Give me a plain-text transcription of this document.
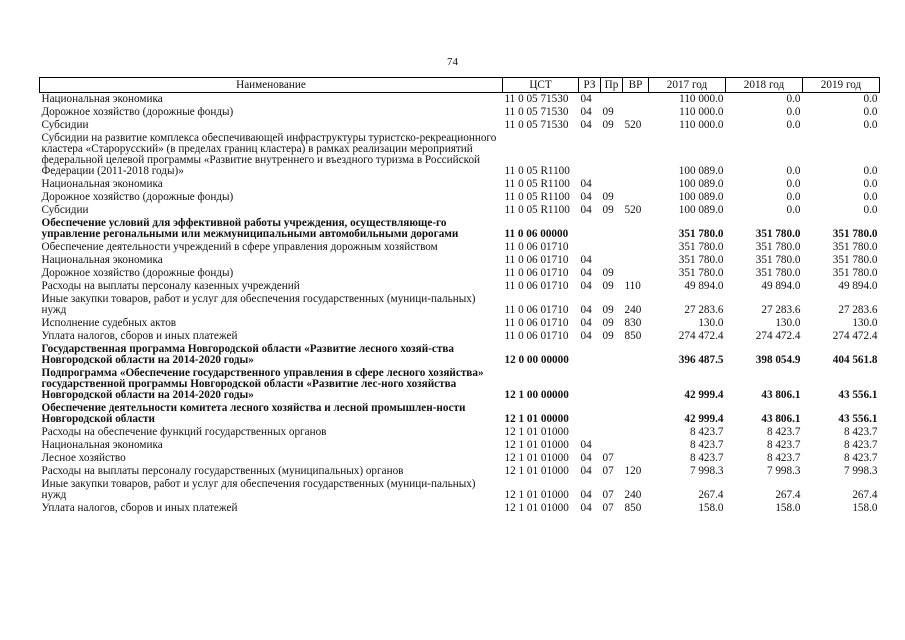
74
Наименование	ЦСТ	РЗ	Пр	ВР	2017 год	2018 год	2019 год
Национальная экономика	11 0 05 71530	04			110 000.0	0.0	0.0
Дорожное хозяйство (дорожные фонды)	11 0 05 71530	04	09		110 000.0	0.0	0.0
Субсидии	11 0 05 71530	04	09	520	110 000.0	0.0	0.0
Субсидии на развитие комплекса обеспечивающей инфраструктуры туристско-рекреационного кластера «Старорусский» (в пределах границ кластера) в рамках реализации мероприятий федеральной целевой программы «Развитие внутреннего и въездного туризма в Российской Федерации (2011-2018 годы)»	11 0 05 R1100				100 089.0	0.0	0.0
Национальная экономика	11 0 05 R1100	04			100 089.0	0.0	0.0
Дорожное хозяйство (дорожные фонды)	11 0 05 R1100	04	09		100 089.0	0.0	0.0
Субсидии	11 0 05 R1100	04	09	520	100 089.0	0.0	0.0
Обеспечение условий для эффективной работы учреждения, осуществляюще-го управление регональными или межмуниципальными автомобильными дорогами	11 0 06 00000				351 780.0	351 780.0	351 780.0
Обеспечение деятельности учреждений в сфере управления дорожным хозяйством	11 0 06 01710				351 780.0	351 780.0	351 780.0
Национальная экономика	11 0 06 01710	04			351 780.0	351 780.0	351 780.0
Дорожное хозяйство (дорожные фонды)	11 0 06 01710	04	09		351 780.0	351 780.0	351 780.0
Расходы на выплаты персоналу казенных учреждений	11 0 06 01710	04	09	110	49 894.0	49 894.0	49 894.0
Иные закупки товаров, работ и услуг для обеспечения государственных (муници-пальных) нужд	11 0 06 01710	04	09	240	27 283.6	27 283.6	27 283.6
Исполнение судебных актов	11 0 06 01710	04	09	830	130.0	130.0	130.0
Уплата налогов, сборов и иных платежей	11 0 06 01710	04	09	850	274 472.4	274 472.4	274 472.4
Государственная программа Новгородской области «Развитие лесного хозяй-ства Новгородской области на 2014-2020 годы»	12 0 00 00000				396 487.5	398 054.9	404 561.8
Подпрограмма «Обеспечение государственного управления в сфере лесного хозяйства» государственной программы Новгородской области «Развитие лес-ного хозяйства Новгородской области на 2014-2020 годы»	12 1 00 00000				42 999.4	43 806.1	43 556.1
Обеспечение деятельности комитета лесного хозяйства и лесной промышлен-ности Новгородской области	12 1 01 00000				42 999.4	43 806.1	43 556.1
Расходы на обеспечение функций государственных органов	12 1 01 01000				8 423.7	8 423.7	8 423.7
Национальная экономика	12 1 01 01000	04			8 423.7	8 423.7	8 423.7
Лесное хозяйство	12 1 01 01000	04	07		8 423.7	8 423.7	8 423.7
Расходы на выплаты персоналу государственных (муниципальных) органов	12 1 01 01000	04	07	120	7 998.3	7 998.3	7 998.3
Иные закупки товаров, работ и услуг для обеспечения государственных (муници-пальных) нужд	12 1 01 01000	04	07	240	267.4	267.4	267.4
Уплата налогов, сборов и иных платежей	12 1 01 01000	04	07	850	158.0	158.0	158.0
